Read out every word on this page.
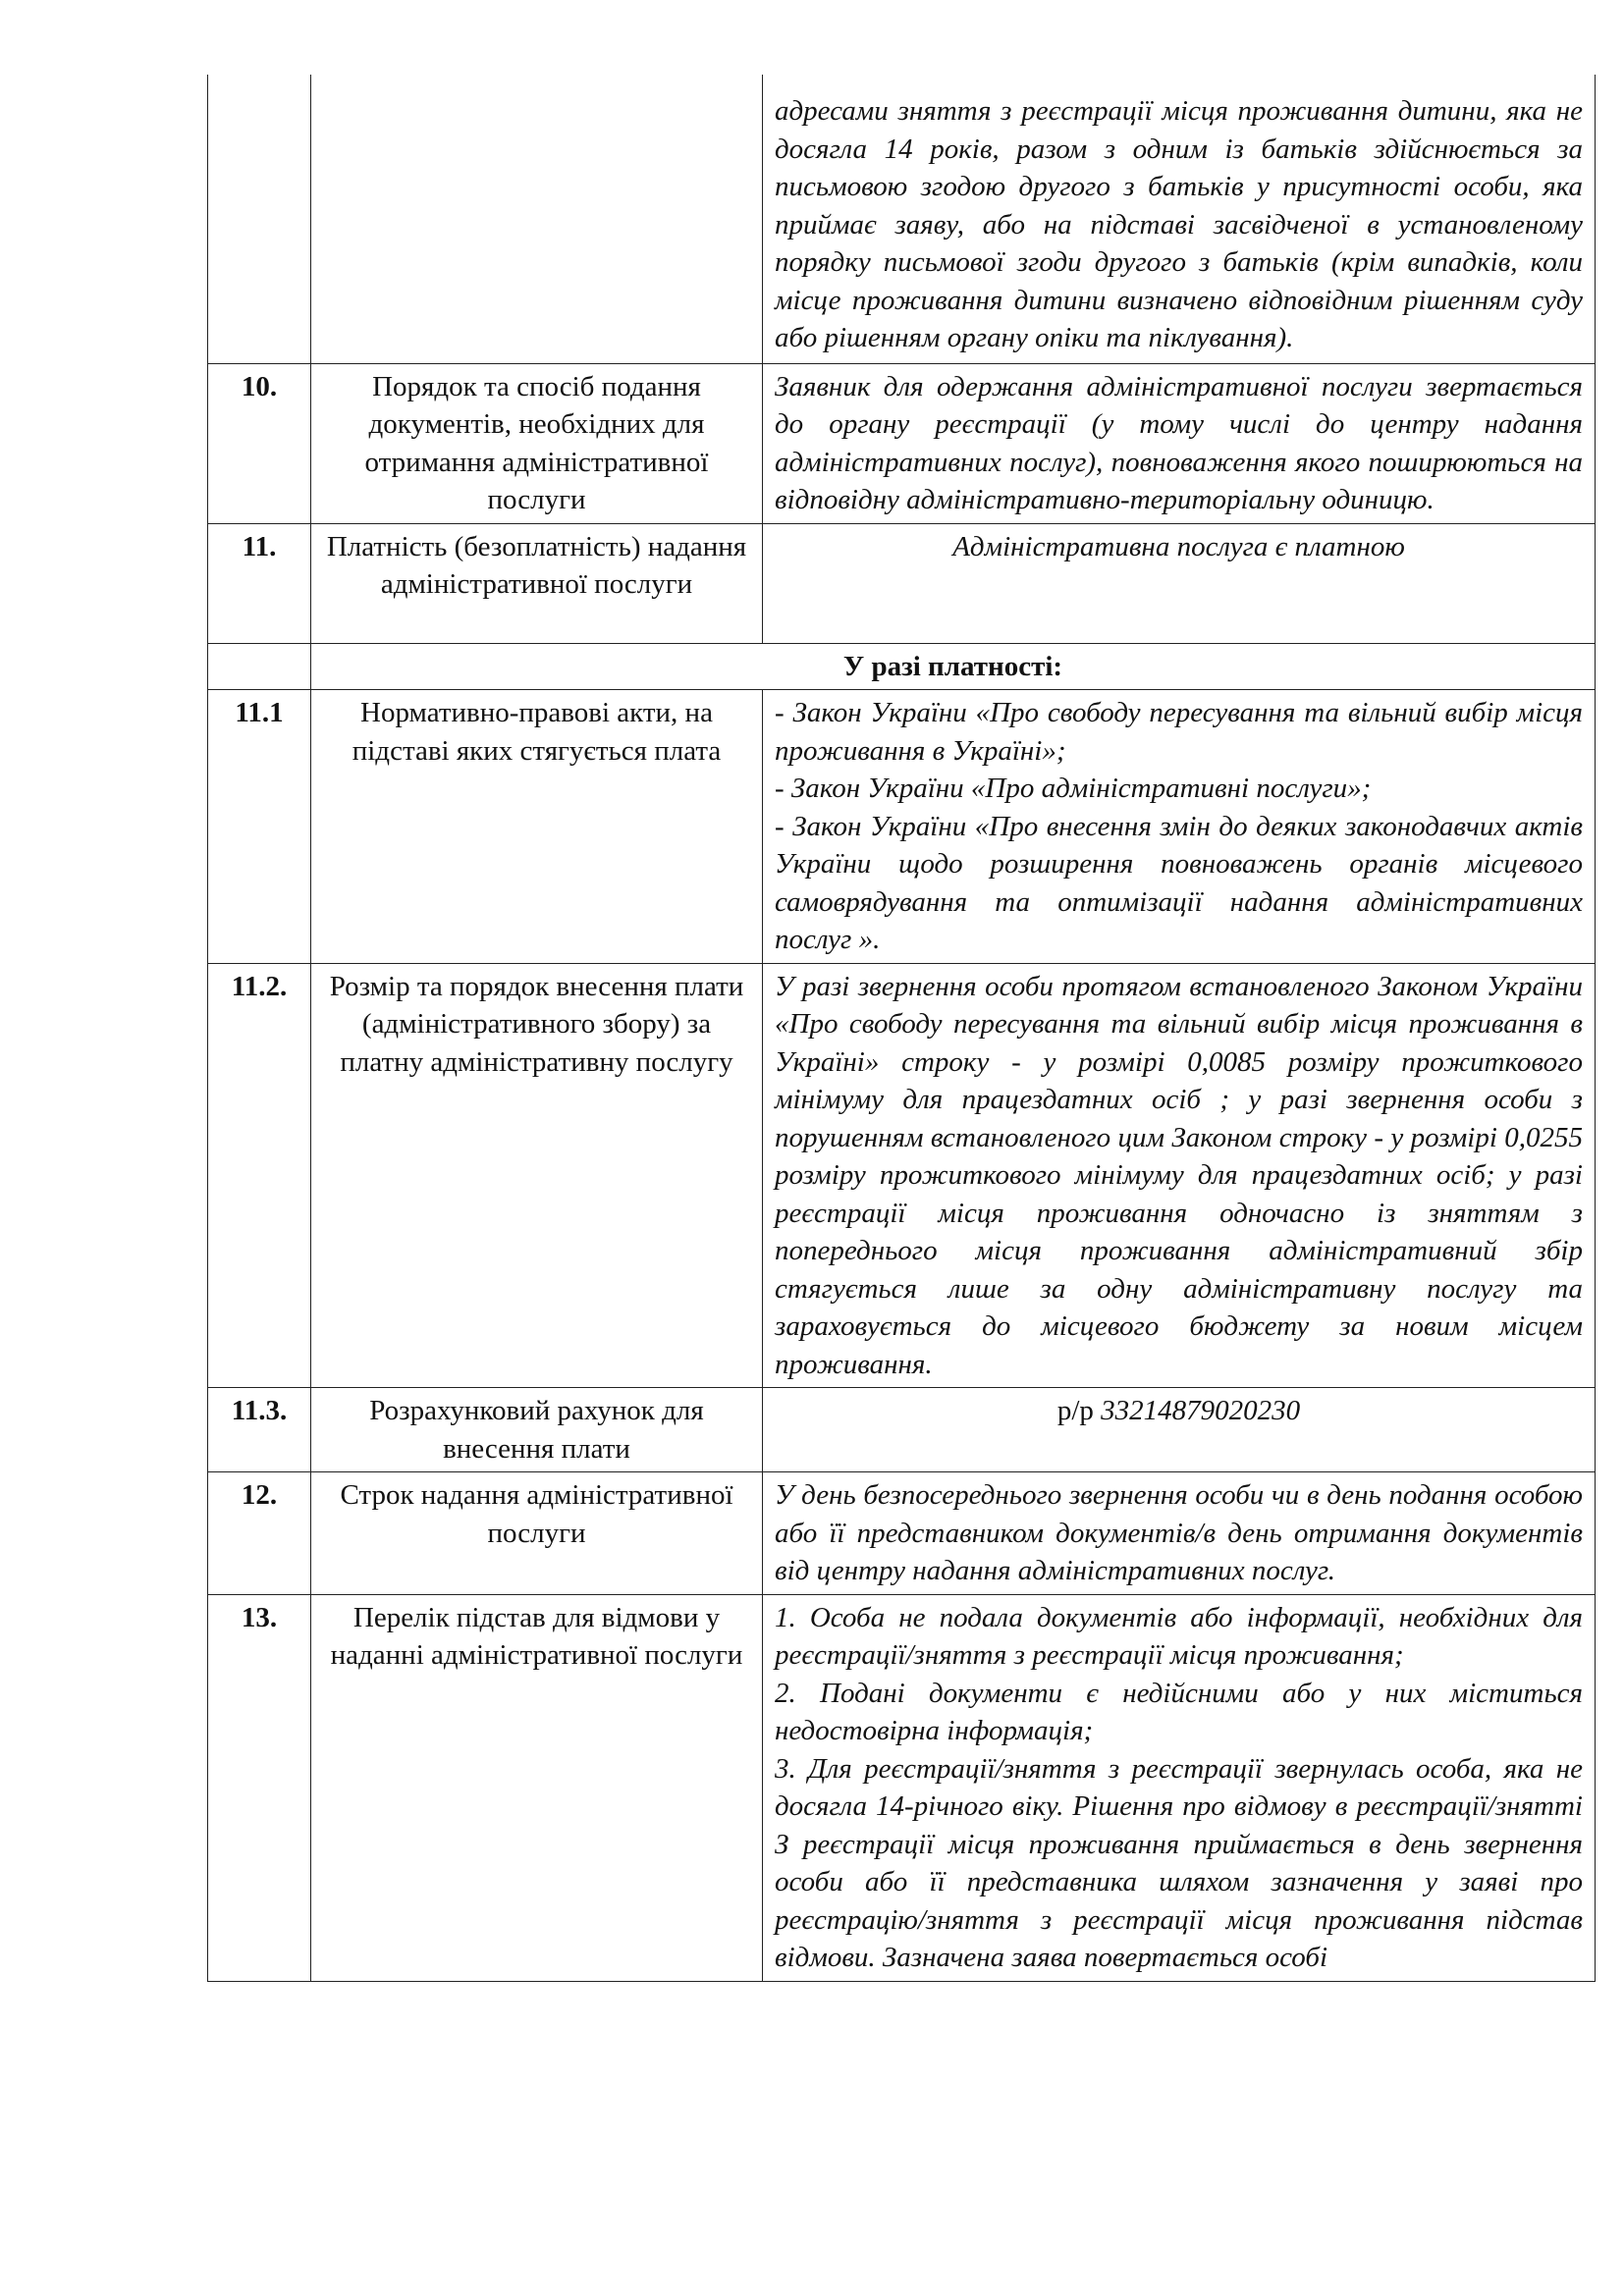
		адресами зняття з реєстрації місця проживання дитини, яка не досягла 14 років, разом з одним із батьків здійснюється за письмовою згодою другого з батьків у присутності особи, яка приймає заяву, або на підставі засвідченої в установленому порядку письмової згоди другого з батьків (крім випадків, коли місце проживання дитини визначено відповідним рішенням суду або рішенням органу опіки та піклування).
10.	Порядок та спосіб подання документів, необхідних для отримання адміністративної послуги	Заявник для одержання адміністративної послуги звертається до органу реєстрації (у тому числі до центру надання адміністративних послуг), повноваження якого поширюються на відповідну адміністративно-територіальну одиницю.
11.	Платність (безоплатність) надання адміністративної послуги	Адміністративна послуга є платною
	У разі платності:	
11.1	Нормативно-правові акти, на підставі яких стягується плата	- Закон України «Про свободу пересування та вільний вибір місця проживання в Україні»;
- Закон України «Про адміністративні послуги»;
- Закон України «Про внесення змін до деяких законодавчих актів України щодо розширення повноважень органів місцевого самоврядування та оптимізації надання адміністративних послуг ».

11.2.	Розмір та порядок внесення плати (адміністративного збору) за платну адміністративну послугу	У разі звернення особи протягом встановленого Законом України «Про свободу пересування та вільний вибір місця проживання в Україні» строку - у розмірі 0,0085 розміру прожиткового мінімуму для працездатних осіб ; у разі звернення особи з порушенням встановленого цим Законом строку - у розмірі 0,0255 розміру прожиткового мінімуму для працездатних осіб; у разі реєстрації місця проживання одночасно із зняттям з попереднього місця проживання адміністративний збір стягується лише за одну адміністративну послугу та зараховується до місцевого бюджету за новим місцем проживання.
11.3.	Розрахунковий рахунок для внесення плати	р/р 33214879020230
12.	Строк надання адміністративної послуги	У день безпосереднього звернення особи чи в день подання особою або її представником документів/в день отримання документів від центру надання адміністративних послуг.
13.	Перелік підстав для відмови у наданні адміністративної послуги	1. Особа не подала документів або інформації, необхідних для реєстрації/зняття з реєстрації місця проживання;
2. Подані документи є недійсними або у них міститься недостовірна інформація;
3. Для реєстрації/зняття з реєстрації звернулась особа, яка не досягла 14-річного віку. Рішення про відмову в реєстрації/знятті З реєстрації місця проживання приймається в день звернення особи або її представника шляхом зазначення у заяві про реєстрацію/зняття з реєстрації місця проживання підстав відмови. Зазначена заява повертається особі
